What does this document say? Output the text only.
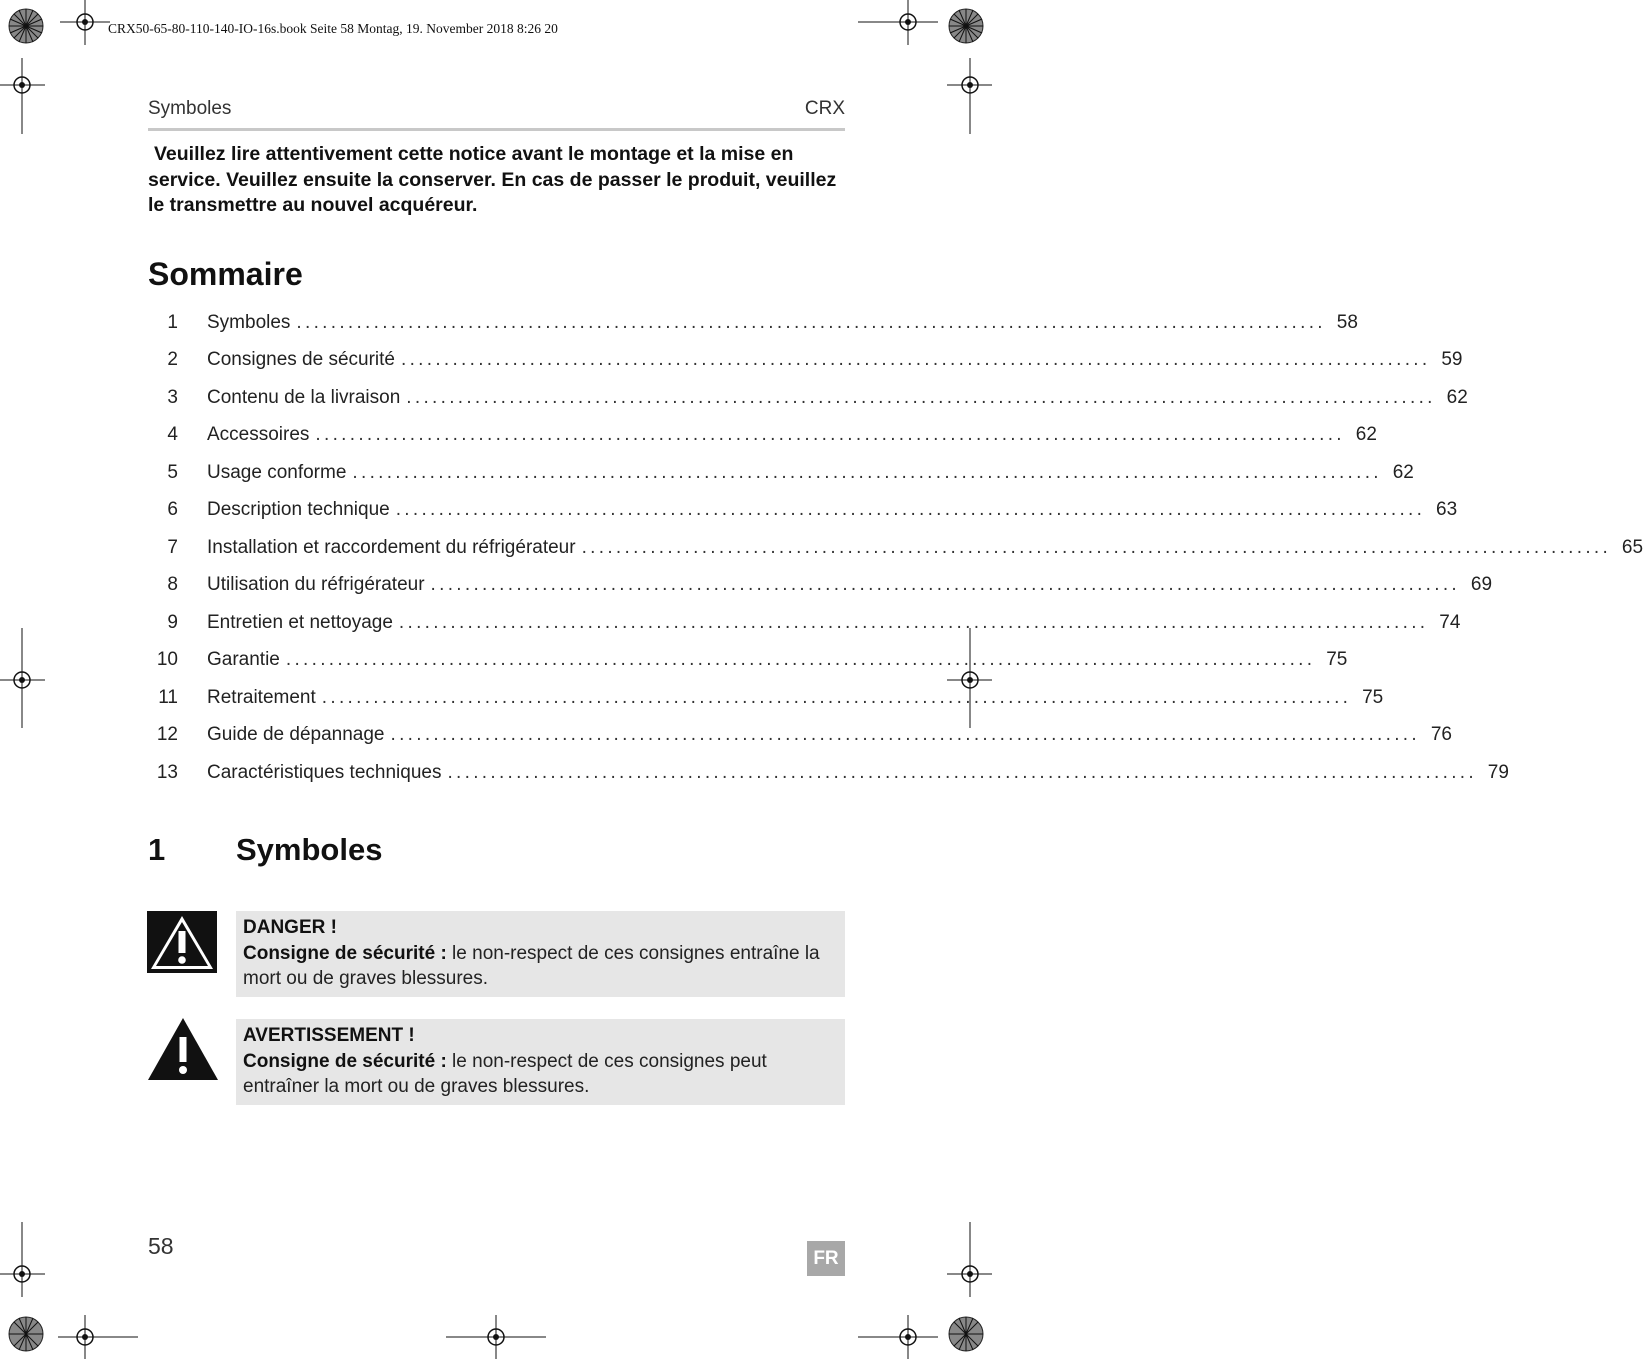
CRX50-65-80-110-140-IO-16s.book Seite 58 Montag, 19. November 2018 8:26 20
Symboles	CRX
Veuillez lire attentivement cette notice avant le montage et la mise en service. Veuillez ensuite la conserver. En cas de passer le produit, veuillez le transmettre au nouvel acquéreur.
Sommaire
1 Symboles ........................................................................................................................ 58
2 Consignes de sécurité ........................................................................................................................ 59
3 Contenu de la livraison ........................................................................................................................ 62
4 Accessoires ........................................................................................................................ 62
5 Usage conforme ........................................................................................................................ 62
6 Description technique ........................................................................................................................ 63
7 Installation et raccordement du réfrigérateur ........................................................................................................................ 65
8 Utilisation du réfrigérateur ........................................................................................................................ 69
9 Entretien et nettoyage ........................................................................................................................ 74
10 Garantie ........................................................................................................................ 75
11 Retraitement ........................................................................................................................ 75
12 Guide de dépannage ........................................................................................................................ 76
13 Caractéristiques techniques ........................................................................................................................ 79
1 Symboles
DANGER !
Consigne de sécurité : le non-respect de ces consignes entraîne la mort ou de graves blessures.
AVERTISSEMENT !
Consigne de sécurité : le non-respect de ces consignes peut entraîner la mort ou de graves blessures.
58	FR
